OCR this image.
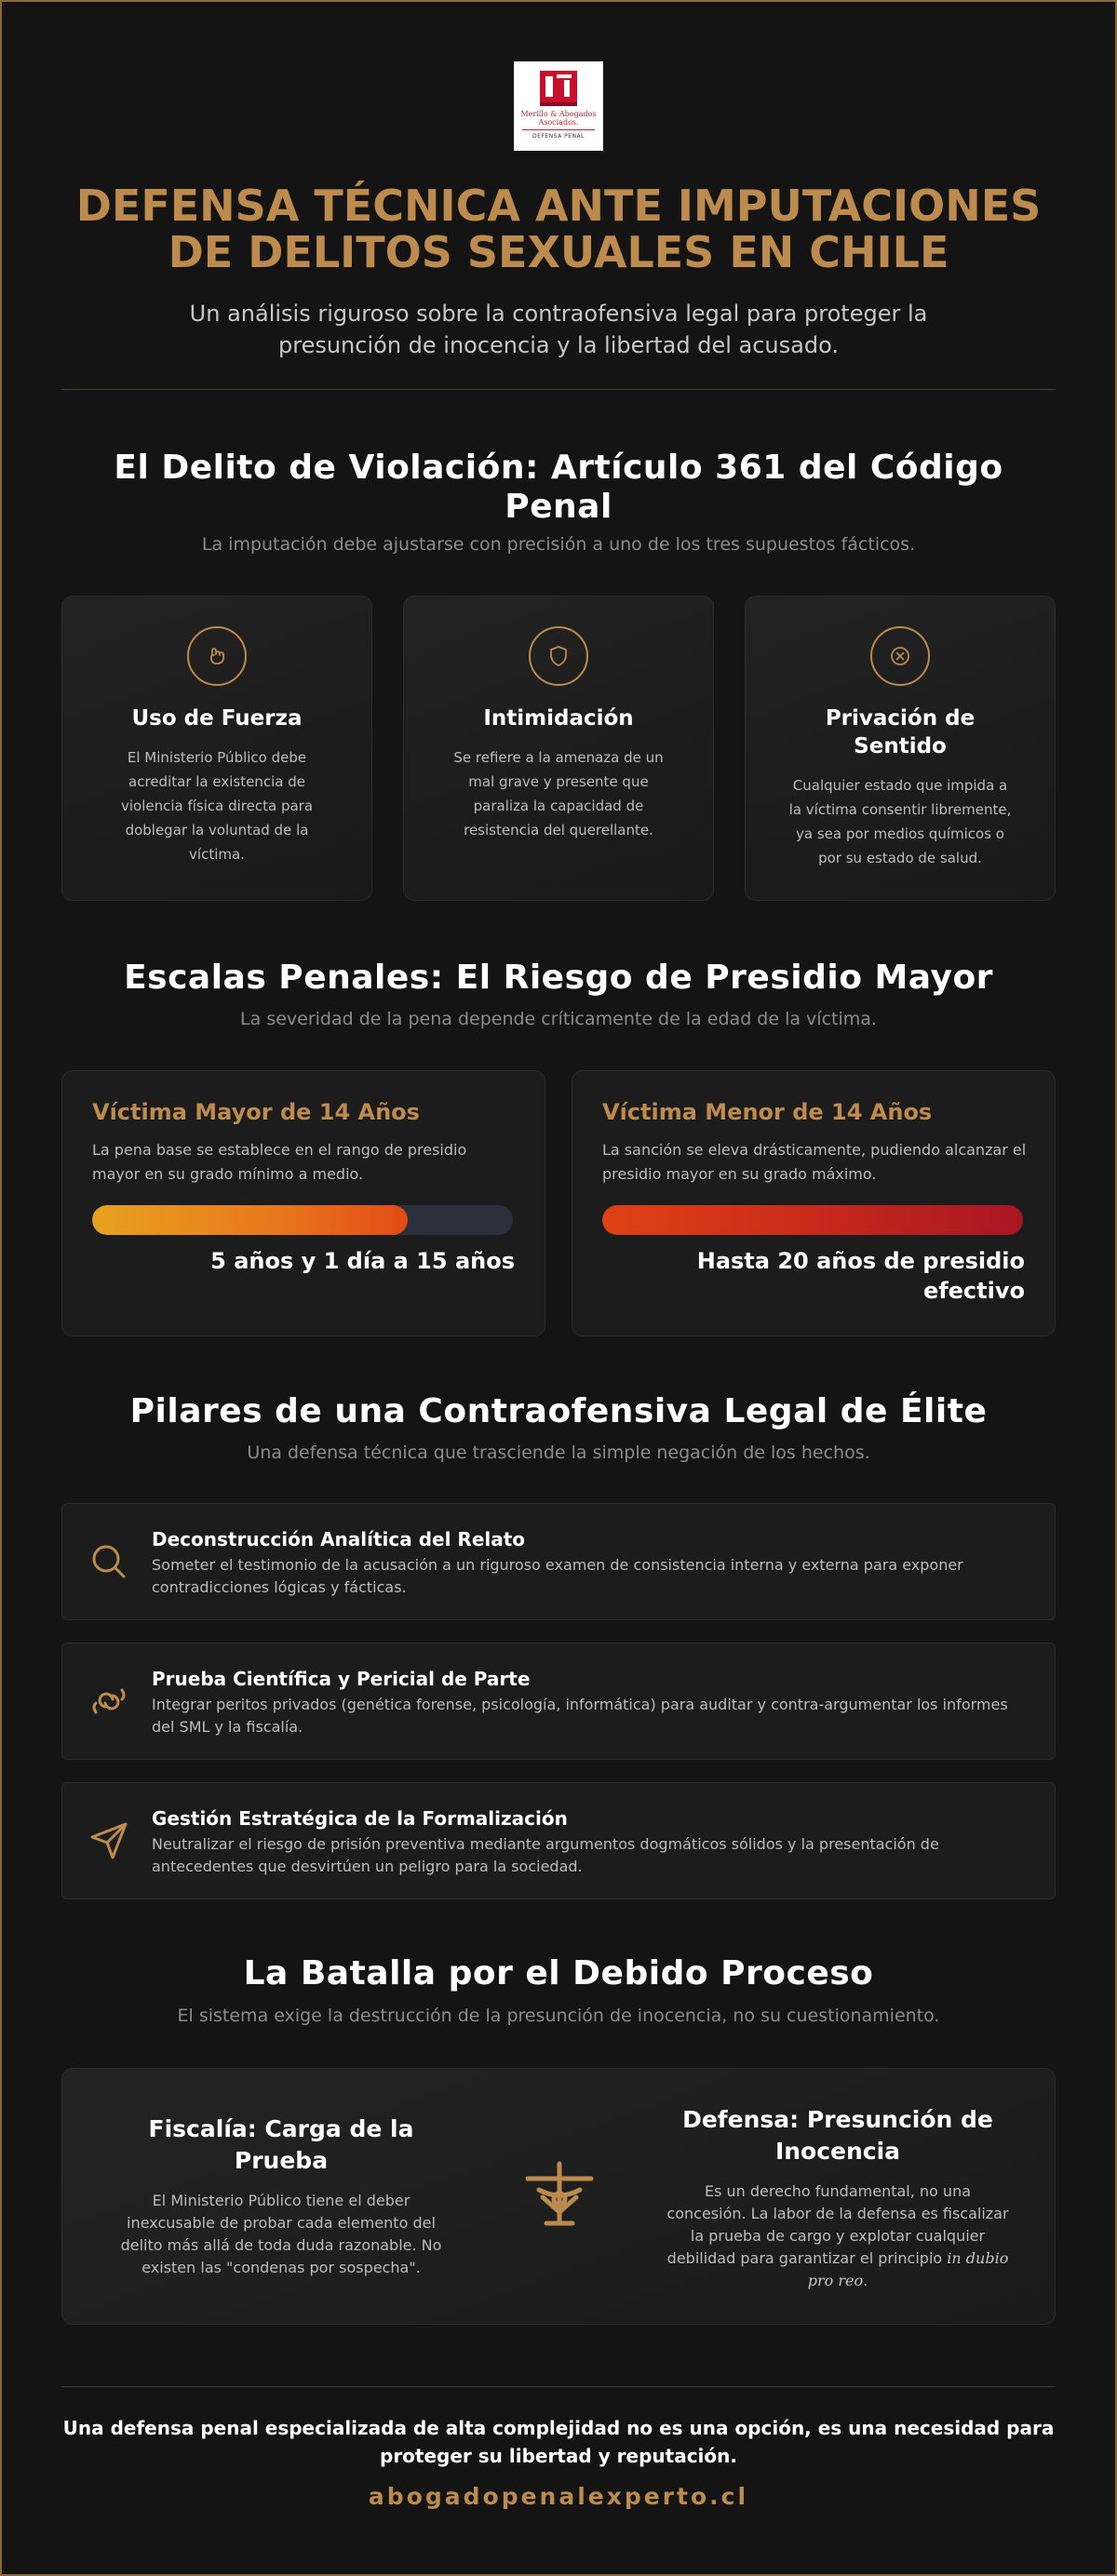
Merillo & Abogados
Asociados.
DEFENSA PENAL
DEFENSA TÉCNICA ANTE IMPUTACIONES DE DELITOS SEXUALES EN CHILE

Un análisis riguroso sobre la contraofensiva legal para proteger la presunción de inocencia y la libertad del acusado.

El Delito de Violación: Artículo 361 del Código Penal

La imputación debe ajustarse con precisión a uno de los tres supuestos fácticos.

Uso de Fuerza
El Ministerio Público debe acreditar la existencia de violencia física directa para doblegar la voluntad de la víctima.
Intimidación
Se refiere a la amenaza de un mal grave y presente que paraliza la capacidad de resistencia del querellante.
Privación de Sentido
Cualquier estado que impida a la víctima consentir libremente, ya sea por medios químicos o por su estado de salud.
Escalas Penales: El Riesgo de Presidio Mayor

La severidad de la pena depende críticamente de la edad de la víctima.

Víctima Mayor de 14 Años
La pena base se establece en el rango de presidio mayor en su grado mínimo a medio.
5 años y 1 día a 15 años
Víctima Menor de 14 Años
La sanción se eleva drásticamente, pudiendo alcanzar el presidio mayor en su grado máximo.
Hasta 20 años de presidio efectivo
Pilares de una Contraofensiva Legal de Élite

Una defensa técnica que trasciende la simple negación de los hechos.

Deconstrucción Analítica del Relato
Someter el testimonio de la acusación a un riguroso examen de consistencia interna y externa para exponer contradicciones lógicas y fácticas.
Prueba Científica y Pericial de Parte
Integrar peritos privados (genética forense, psicología, informática) para auditar y contra-argumentar los informes del SML y la fiscalía.
Gestión Estratégica de la Formalización
Neutralizar el riesgo de prisión preventiva mediante argumentos dogmáticos sólidos y la presentación de antecedentes que desvirtúen un peligro para la sociedad.
La Batalla por el Debido Proceso

El sistema exige la destrucción de la presunción de inocencia, no su cuestionamiento.

Fiscalía: Carga de la Prueba
El Ministerio Público tiene el deber inexcusable de probar cada elemento del delito más allá de toda duda razonable. No existen las "condenas por sospecha".
Defensa: Presunción de Inocencia
Es un derecho fundamental, no una concesión. La labor de la defensa es fiscalizar la prueba de cargo y explotar cualquier debilidad para garantizar el principio in dubio pro reo.

Una defensa penal especializada de alta complejidad no es una opción, es una necesidad para proteger su libertad y reputación.

abogadopenalexperto.cl
